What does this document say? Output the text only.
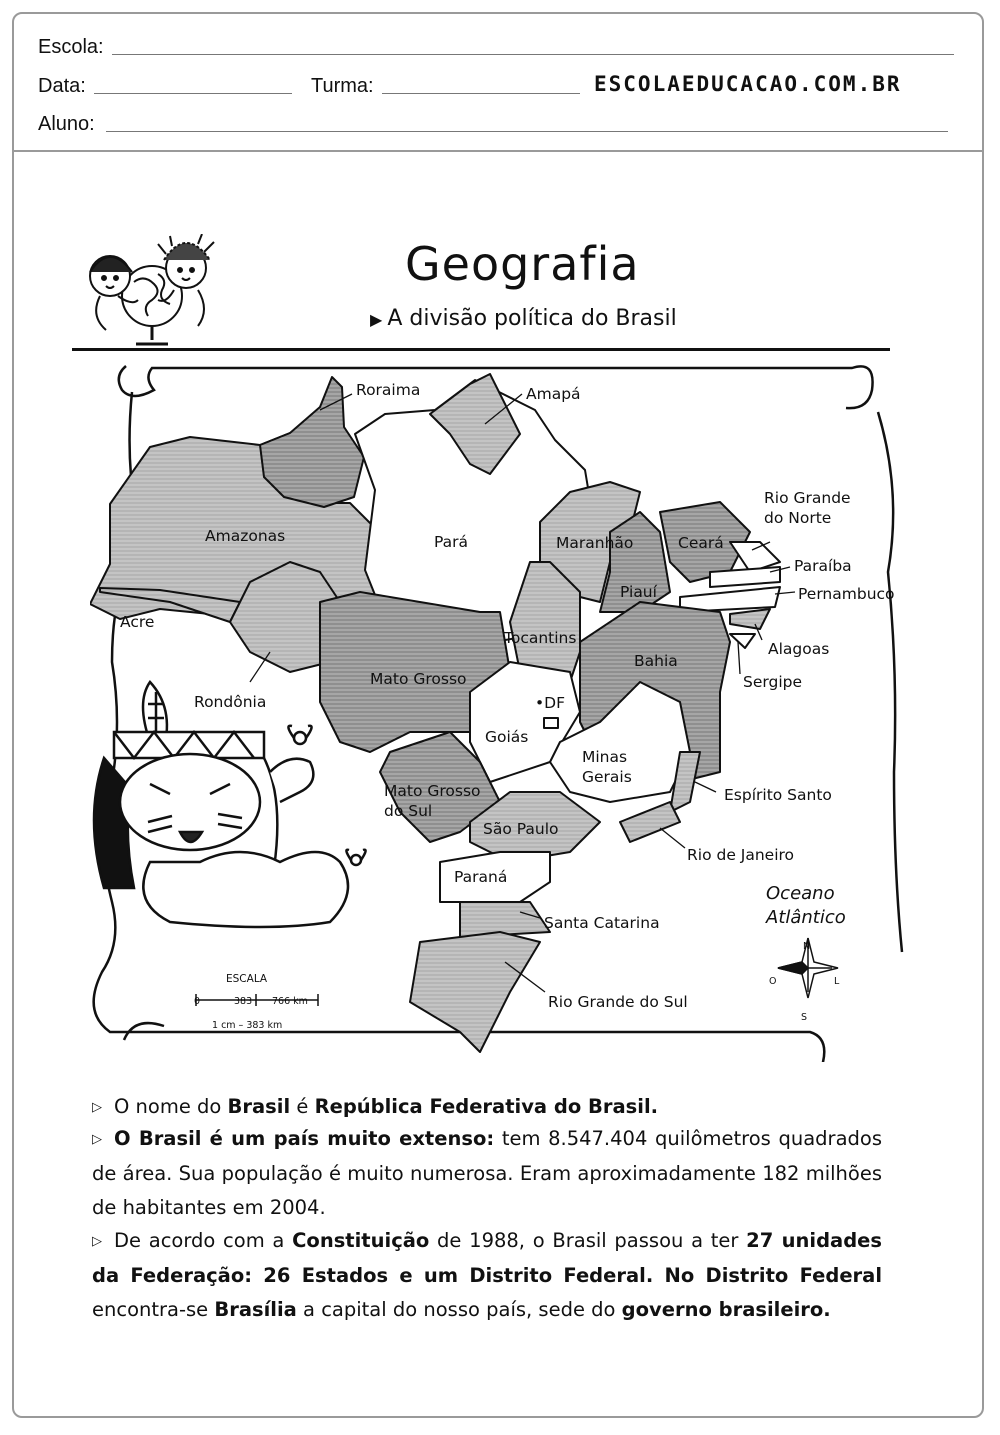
Escola:
Data:	Turma:	ESCOLAEDUCACAO.COM.BR
Aluno:
Geografia
▶ A divisão política do Brasil
Roraima	Amapá
Amazonas	Pará	Maranhão	Ceará
Rio Grande
do Norte
Paraíba
Pernambuco
Piauí
Acre
Tocantins
Alagoas
Bahia
Sergipe
Rondônia
Mato Grosso
•DF
Goiás
Minas
Gerais
Espírito Santo
Mato Grosso
do Sul
São Paulo
Rio de Janeiro
Paraná
Santa Catarina
Rio Grande do Sul
Oceano
Atlântico
N
O	L
S
ESCALA
0	383 766 km
1 cm – 383 km
▷ O nome do Brasil é República Federativa do Brasil.
▷ O Brasil é um país muito extenso: tem 8.547.404 quilômetros quadrados de área. Sua população é muito numerosa. Eram aproximadamente 182 milhões de habitantes em 2004.
▷ De acordo com a Constituição de 1988, o Brasil passou a ter 27 unidades da Federação: 26 Estados e um Distrito Federal. No Distrito Federal encontra-se Brasília a capital do nosso país, sede do governo brasileiro.
